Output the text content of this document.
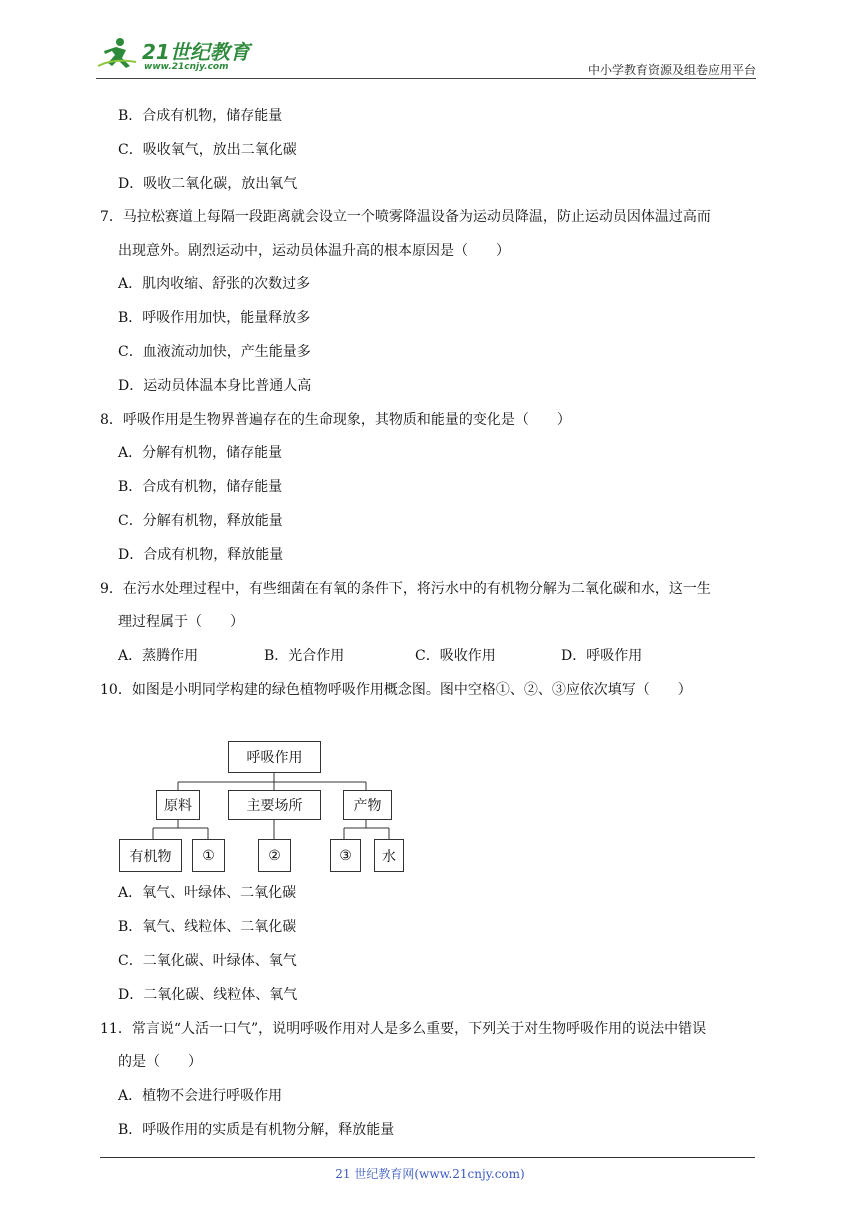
21世纪教育
www.21cnjy.com	中小学教育资源及组卷应用平台
B．合成有机物，储存能量
C．吸收氧气，放出二氧化碳
D．吸收二氧化碳，放出氧气
7．马拉松赛道上每隔一段距离就会设立一个喷雾降温设备为运动员降温，防止运动员因体温过高而
出现意外。剧烈运动中，运动员体温升高的根本原因是（　　）
A．肌肉收缩、舒张的次数过多
B．呼吸作用加快，能量释放多
C．血液流动加快，产生能量多
D．运动员体温本身比普通人高
8．呼吸作用是生物界普遍存在的生命现象，其物质和能量的变化是（　　）
A．分解有机物，储存能量
B．合成有机物，储存能量
C．分解有机物，释放能量
D．合成有机物，释放能量
9．在污水处理过程中，有些细菌在有氧的条件下，将污水中的有机物分解为二氧化碳和水，这一生
理过程属于（　　）
A．蒸腾作用	B．光合作用	C．吸收作用	D．呼吸作用
10．如图是小明同学构建的绿色植物呼吸作用概念图。图中空格①、②、③应依次填写（　　）
呼吸作用
原料	主要场所	产物
有机物	①	②	③	水
A．氧气、叶绿体、二氧化碳
B．氧气、线粒体、二氧化碳
C．二氧化碳、叶绿体、氧气
D．二氧化碳、线粒体、氧气
11．常言说“人活一口气”，说明呼吸作用对人是多么重要，下列关于对生物呼吸作用的说法中错误
的是（　　）
A．植物不会进行呼吸作用
B．呼吸作用的实质是有机物分解，释放能量
21 世纪教育网(www.21cnjy.com)
